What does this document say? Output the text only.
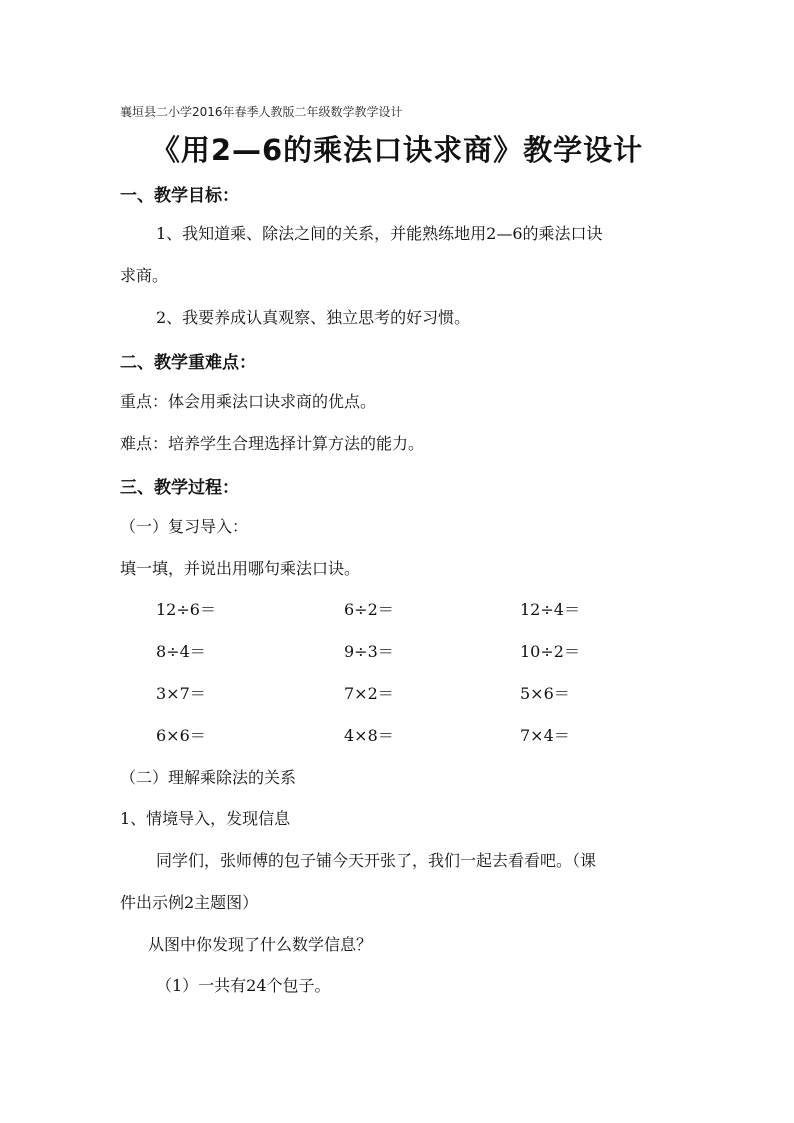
襄垣县二小学2016年春季人教版二年级数学教学设计
《用2—6的乘法口诀求商》教学设计
一、教学目标：
1、我知道乘、除法之间的关系，并能熟练地用2—6的乘法口诀
求商。
2、我要养成认真观察、独立思考的好习惯。
二、教学重难点：
重点：体会用乘法口诀求商的优点。
难点：培养学生合理选择计算方法的能力。
三、教学过程：
（一）复习导入：
填一填，并说出用哪句乘法口诀。
12÷6＝	6÷2＝	12÷4＝
8÷4＝	9÷3＝	10÷2＝
3×7＝	7×2＝	5×6＝
6×6＝	4×8＝	7×4＝
（二）理解乘除法的关系
1、情境导入，发现信息
同学们，张师傅的包子铺今天开张了，我们一起去看看吧。（课
件出示例2主题图）
从图中你发现了什么数学信息？
（1）一共有24个包子。
